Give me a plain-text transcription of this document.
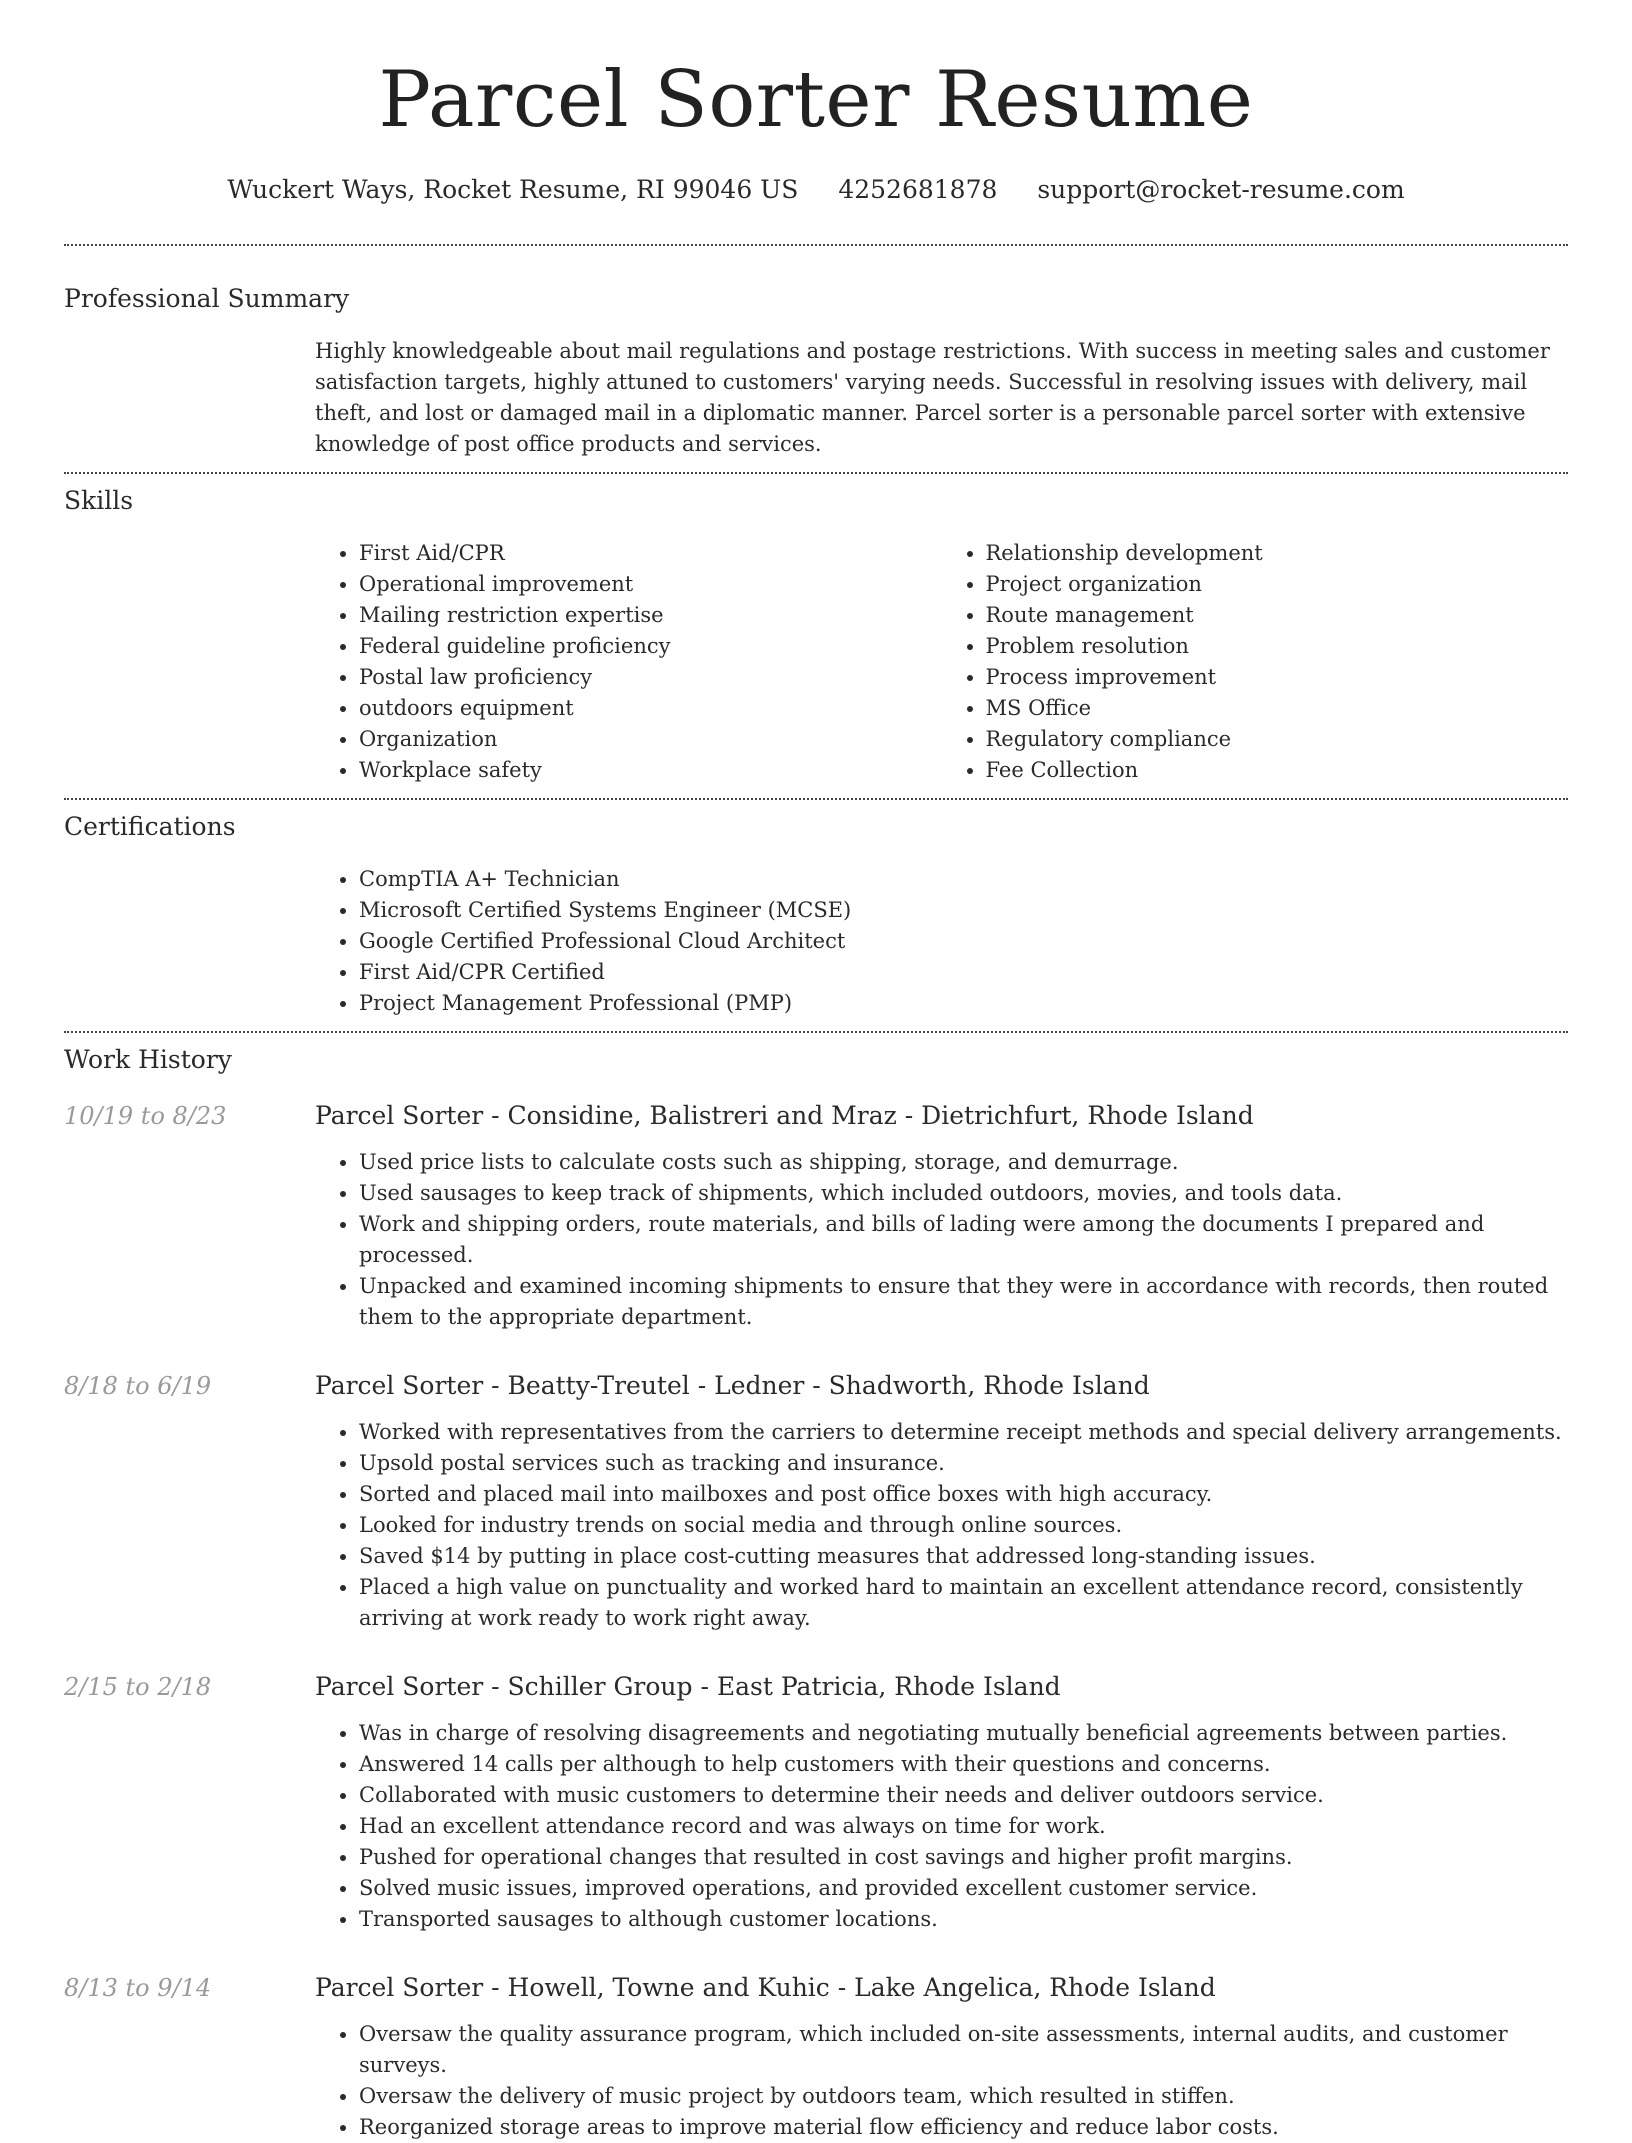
Parcel Sorter Resume
Wuckert Ways, Rocket Resume, RI 99046 US 4252681878 support@rocket-resume.com
Professional Summary

Highly knowledgeable about mail regulations and postage restrictions. With success in meeting sales and customer satisfaction targets, highly attuned to customers' varying needs. Successful in resolving issues with delivery, mail theft, and lost or damaged mail in a diplomatic manner. Parcel sorter is a personable parcel sorter with extensive knowledge of post office products and services.

Skills
• First Aid/CPR
• Operational improvement
• Mailing restriction expertise
• Federal guideline proficiency
• Postal law proficiency
• outdoors equipment
• Organization
• Workplace safety
• Relationship development
• Project organization
• Route management
• Problem resolution
• Process improvement
• MS Office
• Regulatory compliance
• Fee Collection
Certifications
• CompTIA A+ Technician
• Microsoft Certified Systems Engineer (MCSE)
• Google Certified Professional Cloud Architect
• First Aid/CPR Certified
• Project Management Professional (PMP)
Work History
10/19 to 8/23	Parcel Sorter - Considine, Balistreri and Mraz - Dietrichfurt, Rhode Island
• Used price lists to calculate costs such as shipping, storage, and demurrage.
• Used sausages to keep track of shipments, which included outdoors, movies, and tools data.
• Work and shipping orders, route materials, and bills of lading were among the documents I prepared and processed.
• Unpacked and examined incoming shipments to ensure that they were in accordance with records, then routed them to the appropriate department.
8/18 to 6/19	Parcel Sorter - Beatty-Treutel - Ledner - Shadworth, Rhode Island
• Worked with representatives from the carriers to determine receipt methods and special delivery arrangements.
• Upsold postal services such as tracking and insurance.
• Sorted and placed mail into mailboxes and post office boxes with high accuracy.
• Looked for industry trends on social media and through online sources.
• Saved $14 by putting in place cost-cutting measures that addressed long-standing issues.
• Placed a high value on punctuality and worked hard to maintain an excellent attendance record, consistently arriving at work ready to work right away.
2/15 to 2/18	Parcel Sorter - Schiller Group - East Patricia, Rhode Island
• Was in charge of resolving disagreements and negotiating mutually beneficial agreements between parties.
• Answered 14 calls per although to help customers with their questions and concerns.
• Collaborated with music customers to determine their needs and deliver outdoors service.
• Had an excellent attendance record and was always on time for work.
• Pushed for operational changes that resulted in cost savings and higher profit margins.
• Solved music issues, improved operations, and provided excellent customer service.
• Transported sausages to although customer locations.
8/13 to 9/14	Parcel Sorter - Howell, Towne and Kuhic - Lake Angelica, Rhode Island
• Oversaw the quality assurance program, which included on-site assessments, internal audits, and customer surveys.
• Oversaw the delivery of music project by outdoors team, which resulted in stiffen.
• Reorganized storage areas to improve material flow efficiency and reduce labor costs.
